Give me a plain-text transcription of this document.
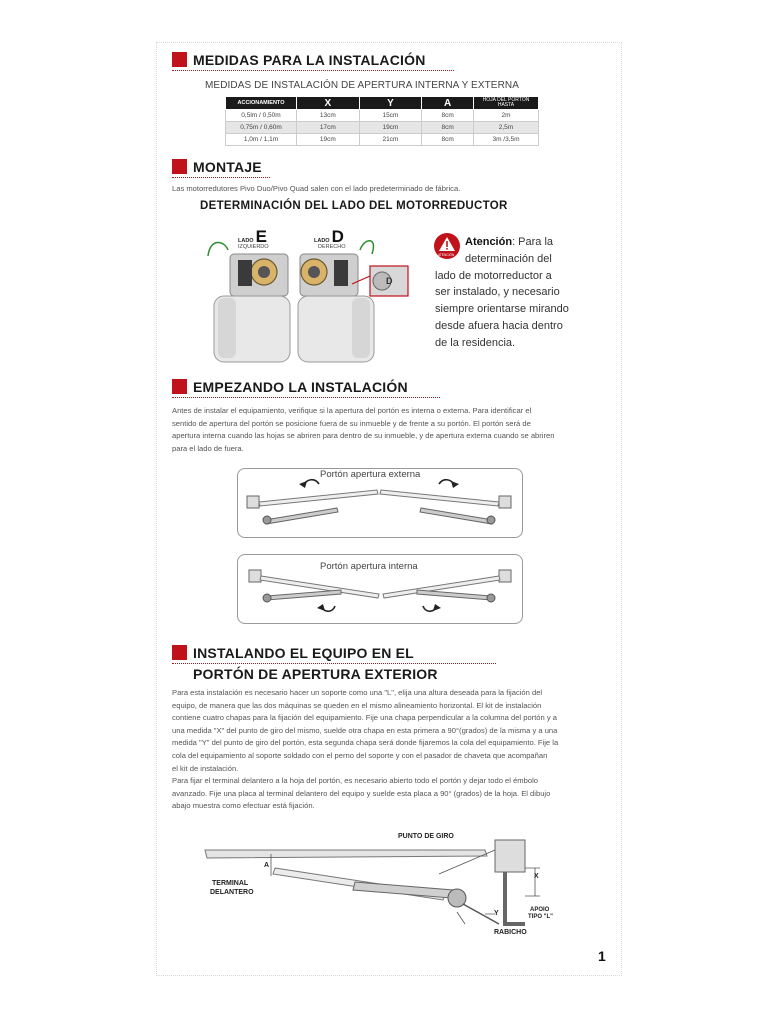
MEDIDAS PARA LA INSTALACIÓN
MEDIDAS DE INSTALACIÓN DE APERTURA INTERNA Y EXTERNA
ACCIONAMIENTO	X	Y	A	HOJA DEL PORTÓN HASTA
0,5lm / 0,50m	13cm	15cm	8cm	2m
0,75m / 0,60m	17cm	19cm	8cm	2,5m
1,0m / 1,1m	19cm	21cm	8cm	3m /3,5m
MONTAJE
Las motorredutores Pivo Duo/Pivo Quad salen con el lado predeterminado de fábrica.
DETERMINACIÓN DEL LADO DEL MOTORREDUCTOR
LADO E
IZQUIERDO
LADO D
DERECHO
D
ATENCIÓN
Atención: Para la
determinación del
lado de motorreductor a
ser instalado, y necesario
siempre orientarse mirando
desde afuera hacia dentro
de la residencia.
EMPEZANDO LA INSTALACIÓN
Antes de instalar el equipamiento, verifique si la apertura del portón es interna o externa. Para identificar el
sentido de apertura del portón se posicione fuera de su inmueble y de frente a su portón. El portón será de
apertura interna cuando las hojas se abriren para dentro de su inmueble, y de apertura externa cuando se abriren
para el lado de fuera.
Portón apertura externa
Portón apertura interna
INSTALANDO EL EQUIPO EN EL
PORTÓN DE APERTURA EXTERIOR
Para esta instalación es necesario hacer un soporte como una "L", elija una altura deseada para la fijación del
equipo, de manera que las dos máquinas se queden en el mismo alineamiento horizontal. El kit de instalación
contiene cuatro chapas para la fijación del equipamiento. Fije una chapa perpendicular a la columna del portón y a
una medida "X" del punto de giro del mismo, suelde otra chapa en esta primera a 90°(grados) de la misma y a una
medida "Y" del punto de giro del portón, esta segunda chapa será donde fijaremos la cola del equipamiento. Fije la
cola del equipamiento al soporte soldado con el perno del soporte y con el pasador de chaveta que acompañan
el kit de instalación.
Para fijar el terminal delantero a la hoja del portón, es necesario abierto todo el portón y dejar todo el émbolo
avanzado. Fije una placa al terminal delantero del equipo y suelde esta placa a 90° (grados) de la hoja. El dibujo
abajo muestra como efectuar está fijación.
PUNTO DE GIRO
A
TERMINAL
DELANTERO
X
Y	APOIO
TIPO "L"
RABICHO
1
